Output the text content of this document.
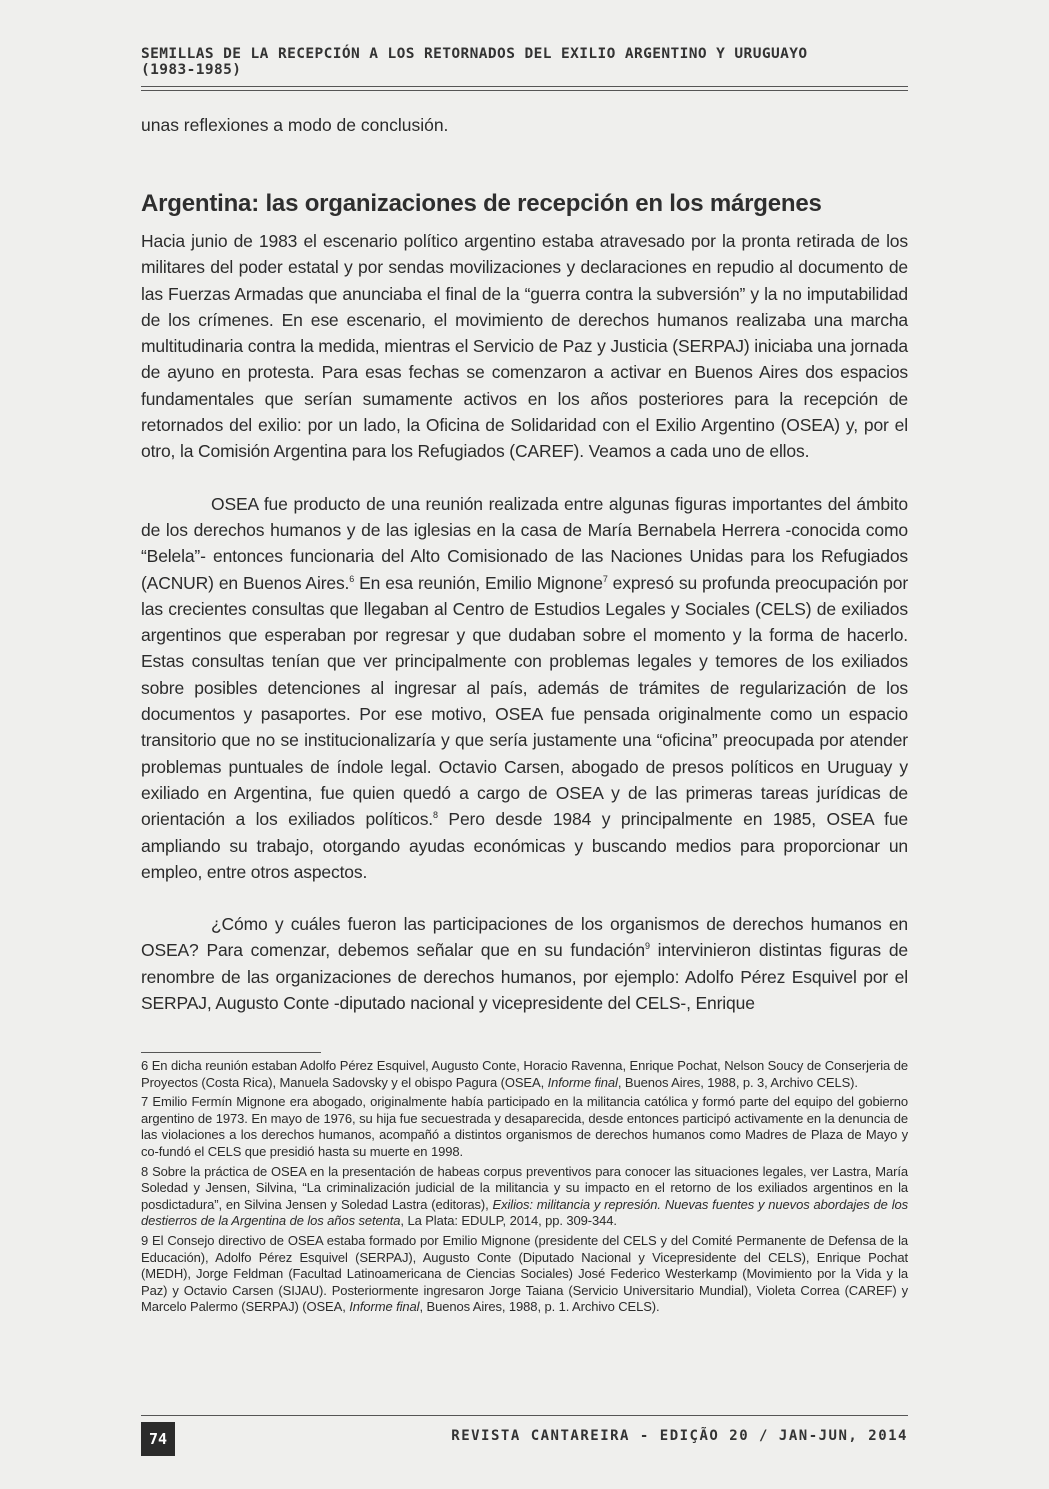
SEMILLAS DE LA RECEPCIÓN A LOS RETORNADOS DEL EXILIO ARGENTINO Y URUGUAYO
(1983-1985)

unas reflexiones a modo de conclusión.

Argentina: las organizaciones de recepción en los márgenes

Hacia junio de 1983 el escenario político argentino estaba atravesado por la pronta retirada de los militares del poder estatal y por sendas movilizaciones y declaraciones en repudio al documento de las Fuerzas Armadas que anunciaba el final de la “guerra contra la subversión” y la no imputabilidad de los crímenes. En ese escenario, el movimiento de derechos humanos realizaba una marcha multitudinaria contra la medida, mientras el Servicio de Paz y Justicia (SERPAJ) iniciaba una jornada de ayuno en protesta. Para esas fechas se comenzaron a activar en Buenos Aires dos espacios fundamentales que serían sumamente activos en los años posteriores para la recepción de retornados del exilio: por un lado, la Oficina de Solidaridad con el Exilio Argentino (OSEA) y, por el otro, la Comisión Argentina para los Refugiados (CAREF). Veamos a cada uno de ellos.

OSEA fue producto de una reunión realizada entre algunas figuras importantes del ámbito de los derechos humanos y de las iglesias en la casa de María Bernabela Herrera -conocida como “Belela”- entonces funcionaria del Alto Comisionado de las Naciones Unidas para los Refugiados (ACNUR) en Buenos Aires.$^6$ En esa reunión, Emilio Mignone$^7$ expresó su profunda preocupación por las crecientes consultas que llegaban al Centro de Estudios Legales y Sociales (CELS) de exiliados argentinos que esperaban por regresar y que dudaban sobre el momento y la forma de hacerlo. Estas consultas tenían que ver principalmente con problemas legales y temores de los exiliados sobre posibles detenciones al ingresar al país, además de trámites de regularización de los documentos y pasaportes. Por ese motivo, OSEA fue pensada originalmente como un espacio transitorio que no se institucionalizaría y que sería justamente una “oficina” preocupada por atender problemas puntuales de índole legal. Octavio Carsen, abogado de presos políticos en Uruguay y exiliado en Argentina, fue quien quedó a cargo de OSEA y de las primeras tareas jurídicas de orientación a los exiliados políticos.$^8$ Pero desde 1984 y principalmente en 1985, OSEA fue ampliando su trabajo, otorgando ayudas económicas y buscando medios para proporcionar un empleo, entre otros aspectos.

¿Cómo y cuáles fueron las participaciones de los organismos de derechos humanos en OSEA? Para comenzar, debemos señalar que en su fundación$^9$ intervinieron distintas figuras de renombre de las organizaciones de derechos humanos, por ejemplo: Adolfo Pérez Esquivel por el SERPAJ, Augusto Conte -diputado nacional y vicepresidente del CELS-, Enrique

6 En dicha reunión estaban Adolfo Pérez Esquivel, Augusto Conte, Horacio Ravenna, Enrique Pochat, Nelson Soucy de Conserjeria de Proyectos (Costa Rica), Manuela Sadovsky y el obispo Pagura (OSEA, Informe final, Buenos Aires, 1988, p. 3, Archivo CELS).

7 Emilio Fermín Mignone era abogado, originalmente había participado en la militancia católica y formó parte del equipo del gobierno argentino de 1973. En mayo de 1976, su hija fue secuestrada y desaparecida, desde entonces participó activamente en la denuncia de las violaciones a los derechos humanos, acompañó a distintos organismos de derechos humanos como Madres de Plaza de Mayo y co-fundó el CELS que presidió hasta su muerte en 1998.

8 Sobre la práctica de OSEA en la presentación de habeas corpus preventivos para conocer las situaciones legales, ver Lastra, María Soledad y Jensen, Silvina, “La criminalización judicial de la militancia y su impacto en el retorno de los exiliados argentinos en la posdictadura”, en Silvina Jensen y Soledad Lastra (editoras), Exilios: militancia y represión. Nuevas fuentes y nuevos abordajes de los destierros de la Argentina de los años setenta, La Plata: EDULP, 2014, pp. 309-344.

9 El Consejo directivo de OSEA estaba formado por Emilio Mignone (presidente del CELS y del Comité Permanente de Defensa de la Educación), Adolfo Pérez Esquivel (SERPAJ), Augusto Conte (Diputado Nacional y Vicepresidente del CELS), Enrique Pochat (MEDH), Jorge Feldman (Facultad Latinoamericana de Ciencias Sociales) José Federico Westerkamp (Movimiento por la Vida y la Paz) y Octavio Carsen (SIJAU). Posteriormente ingresaron Jorge Taiana (Servicio Universitario Mundial), Violeta Correa (CAREF) y Marcelo Palermo (SERPAJ) (OSEA, Informe final, Buenos Aires, 1988, p. 1. Archivo CELS).

74	REVISTA CANTAREIRA - EDIÇÃO 20 / JAN-JUN, 2014
